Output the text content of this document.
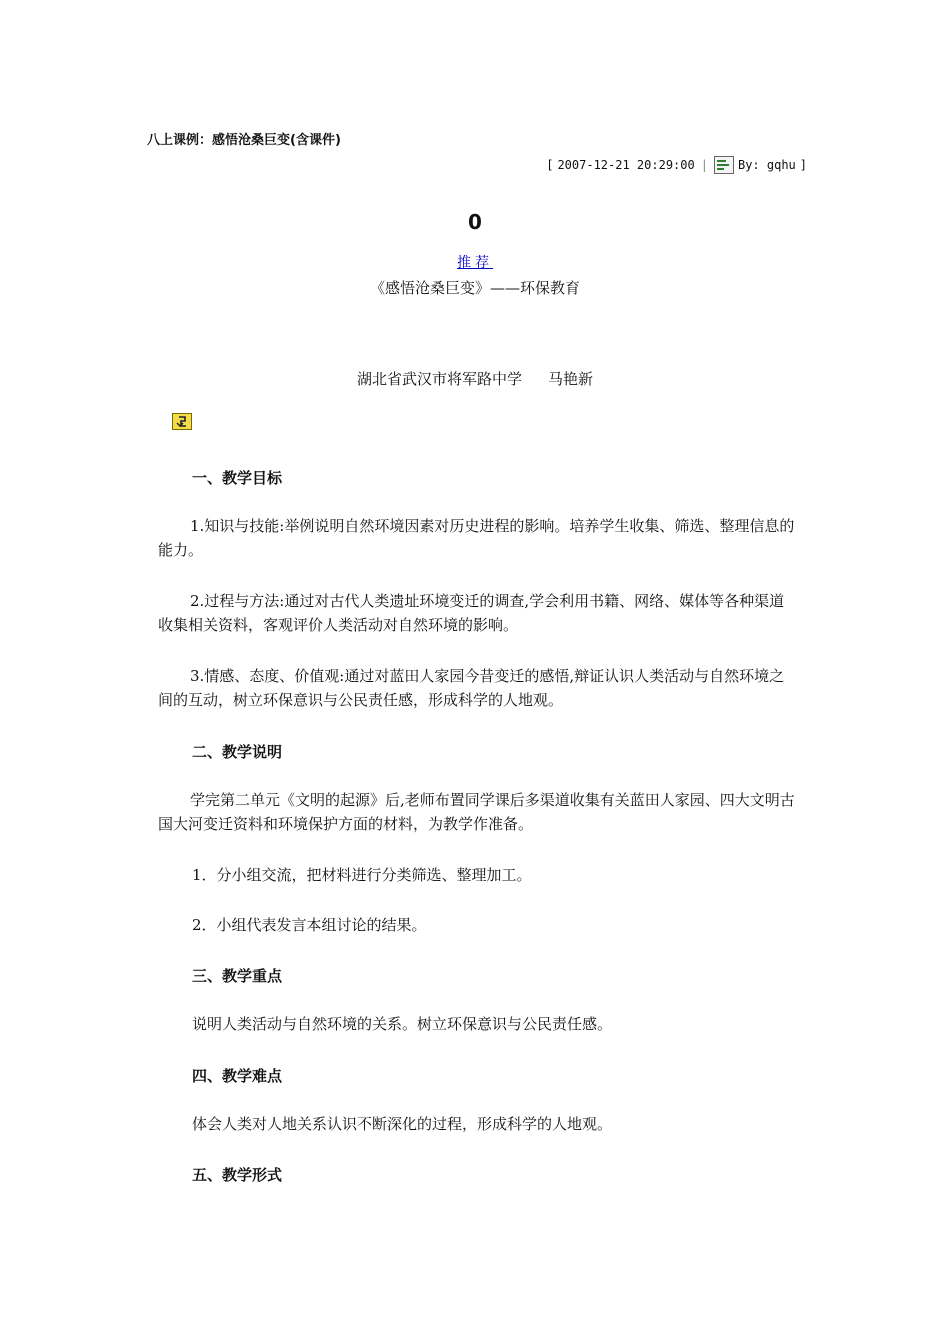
八上课例：感悟沧桑巨变(含课件)
[ 2007-12-21 20:29:00 |	By: gqhu ]
0
推荐
《感悟沧桑巨变》——环保教育
湖北省武汉市将军路中学 马艳新
一、教学目标
1.知识与技能:举例说明自然环境因素对历史进程的影响。培养学生收集、筛选、整理信息的能力。
2.过程与方法:通过对古代人类遗址环境变迁的调查,学会利用书籍、网络、媒体等各种渠道收集相关资料，客观评价人类活动对自然环境的影响。
3.情感、态度、价值观:通过对蓝田人家园今昔变迁的感悟,辩证认识人类活动与自然环境之间的互动，树立环保意识与公民责任感，形成科学的人地观。
二、教学说明
学完第二单元《文明的起源》后,老师布置同学课后多渠道收集有关蓝田人家园、四大文明古国大河变迁资料和环境保护方面的材料，为教学作准备。
1．分小组交流，把材料进行分类筛选、整理加工。
2．小组代表发言本组讨论的结果。
三、教学重点
说明人类活动与自然环境的关系。树立环保意识与公民责任感。
四、教学难点
体会人类对人地关系认识不断深化的过程，形成科学的人地观。
五、教学形式
